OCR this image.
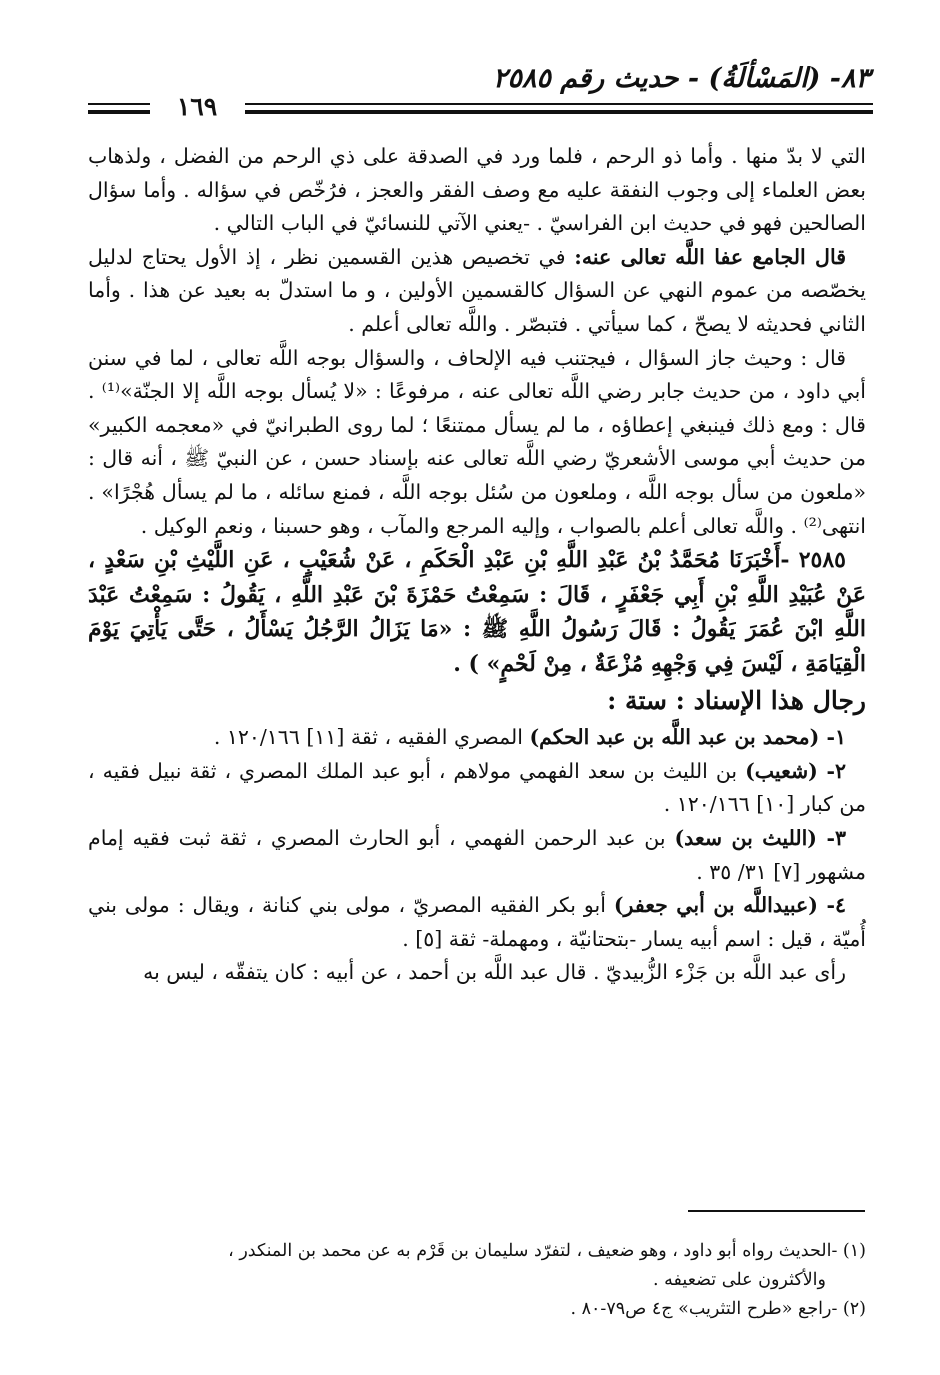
٨٣- (المَسْألَةُ) - حديث رقم ٢٥٨٥
١٦٩

التي لا بدّ منها . وأما ذو الرحم ، فلما ورد في الصدقة على ذي الرحم من الفضل ، ولذهاب بعض العلماء إلى وجوب النفقة عليه مع وصف الفقر والعجز ، فرُخّص في سؤاله . وأما سؤال الصالحين فهو في حديث ابن الفراسيّ . -يعني الآتي للنسائيّ في الباب التالي .

قال الجامع عفا اللَّه تعالى عنه: في تخصيص هذين القسمين نظر ، إذ الأول يحتاج لدليل يخصّصه من عموم النهي عن السؤال كالقسمين الأولين ، و ما استدلّ به بعيد عن هذا . وأما الثاني فحديثه لا يصحّ ، كما سيأتي . فتبصّر . واللَّه تعالى أعلم .

قال : وحيث جاز السؤال ، فيجتنب فيه الإلحاف ، والسؤال بوجه اللَّه تعالى ، لما في سنن أبي داود ، من حديث جابر رضي اللَّه تعالى عنه ، مرفوعًا : «لا يُسأل بوجه اللَّه إلا الجنّة»⁽¹⁾ . قال : ومع ذلك فينبغي إعطاؤه ، ما لم يسأل ممتنعًا ؛ لما روى الطبرانيّ في «معجمه الكبير» من حديث أبي موسى الأشعريّ رضي اللَّه تعالى عنه بإسناد حسن ، عن النبيّ ﷺ ، أنه قال : «ملعون من سأل بوجه اللَّه ، وملعون من سُئل بوجه اللَّه ، فمنع سائله ، ما لم يسأل هُجْرًا» . انتهى⁽²⁾ . واللَّه تعالى أعلم بالصواب ، وإليه المرجع والمآب ، وهو حسبنا ، ونعم الوكيل .

٢٥٨٥ -أَخْبَرَنَا مُحَمَّدُ بْنُ عَبْدِ اللَّهِ بْنِ عَبْدِ الْحَكَمِ ، عَنْ شُعَيْبٍ ، عَنِ اللَّيْثِ بْنِ سَعْدٍ ، عَنْ عُبَيْدِ اللَّهِ بْنِ أَبِي جَعْفَرٍ ، قَالَ : سَمِعْتُ حَمْزَةَ بْنَ عَبْدِ اللَّهِ ، يَقُولُ : سَمِعْتُ عَبْدَ اللَّهِ ابْنَ عُمَرَ يَقُولُ : قَالَ رَسُولُ اللَّهِ ﷺ : «مَا يَزَالُ الرَّجُلُ يَسْأَلُ ، حَتَّى يَأْتِيَ يَوْمَ الْقِيَامَةِ ، لَيْسَ فِي وَجْهِهِ مُزْعَةٌ ، مِنْ لَحْمٍ» ) .

رجال هذا الإسناد : ستة :

١- (محمد بن عبد اللَّه بن عبد الحكم) المصري الفقيه ، ثقة [١١] ١٢٠/١٦٦ .

٢- (شعيب) بن الليث بن سعد الفهمي مولاهم ، أبو عبد الملك المصري ، ثقة نبيل فقيه ، من كبار [١٠] ١٢٠/١٦٦ .

٣- (الليث بن سعد) بن عبد الرحمن الفهمي ، أبو الحارث المصري ، ثقة ثبت فقيه إمام مشهور [٧] ٣١/ ٣٥ .

٤- (عبيداللَّه بن أبي جعفر) أبو بكر الفقيه المصريّ ، مولى بني كنانة ، ويقال : مولى بني أُميّة ، قيل : اسم أبيه يسار -بتحتانيّة ، ومهملة- ثقة [٥] .

رأى عبد اللَّه بن جَزْء الزُّبيديّ . قال عبد اللَّه بن أحمد ، عن أبيه : كان يتفقّه ، ليس به

(١) -الحديث رواه أبو داود ، وهو ضعيف ، لتفرّد سليمان بن قَرْم به عن محمد بن المنكدر ،

والأكثرون على تضعيفه .

(٢) -راجع «طرح التثريب» ج٤ ص٧٩-٨٠ .
